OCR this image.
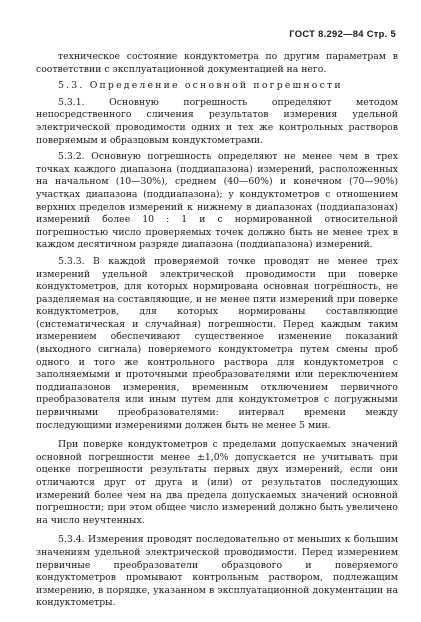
ГОСТ 8.292—84 Стр. 5

техническое состояние кондуктометра по другим параметрам в соответствии с эксплуатационной документацией на него.

5.3. Определение основной погрешности

5.3.1. Основную погрешность определяют методом непосредственного сличения результатов измерения удельной электрической проводимости одних и тех же контрольных растворов поверяемым и образцовым кондуктометрами.

5.3.2. Основную погрешность определяют не менее чем в трех точках каждого диапазона (поддиапазона) измерений, расположенных на начальном (10—30%), среднем (40—60%) и конечном (70—90%) участках диапазона (поддиапазона); у кондуктометров с отношением верхних пределов измерений к нижнему в диапазонах (поддиапазонах) измерений более 10 : 1 и с нормированной относительной погрешностью число проверяемых точек должно быть не менее трех в каждом десятичном разряде диапазона (поддиапазона) измерений.

5.3.3. В каждой проверяемой точке проводят не менее трех измерений удельной электрической проводимости при поверке кондуктометров, для которых нормирована основная погрешность, не разделяемая на составляющие, и не менее пяти измерений при поверке кондуктометров, для которых нормированы составляющие (систематическая и случайная) погрешности. Перед каждым таким измерением обеспечивают существенное изменение показаний (выходного сигнала) поверяемого кондуктометра путем смены проб одного и того же контрольного раствора для кондуктометров с заполняемыми и проточными преобразователями или переключением поддиапазонов измерения, временным отключением первичного преобразователя или иным путем для кондуктометров с погружными первичными преобразователями: интервал времени между последующими измерениями должен быть не менее 5 мин.

При поверке кондуктометров с пределами допускаемых значений основной погрешности менее ±1,0% допускается не учитывать при оценке погрешности результаты первых двух измерений, если они отличаются друг от друга и (или) от результатов последующих измерений более чем на два предела допускаемых значений основной погрешности; при этом общее число измерений должно быть увеличено на число неучтенных.

5.3.4. Измерения проводят последовательно от меньших к большим значениям удельной электрической проводимости. Перед измерением первичные преобразователи образцового и поверяемого кондуктометров промывают контрольным раствором, подлежащим измерению, в порядке, указанном в эксплуатационной документации на кондуктометры.
